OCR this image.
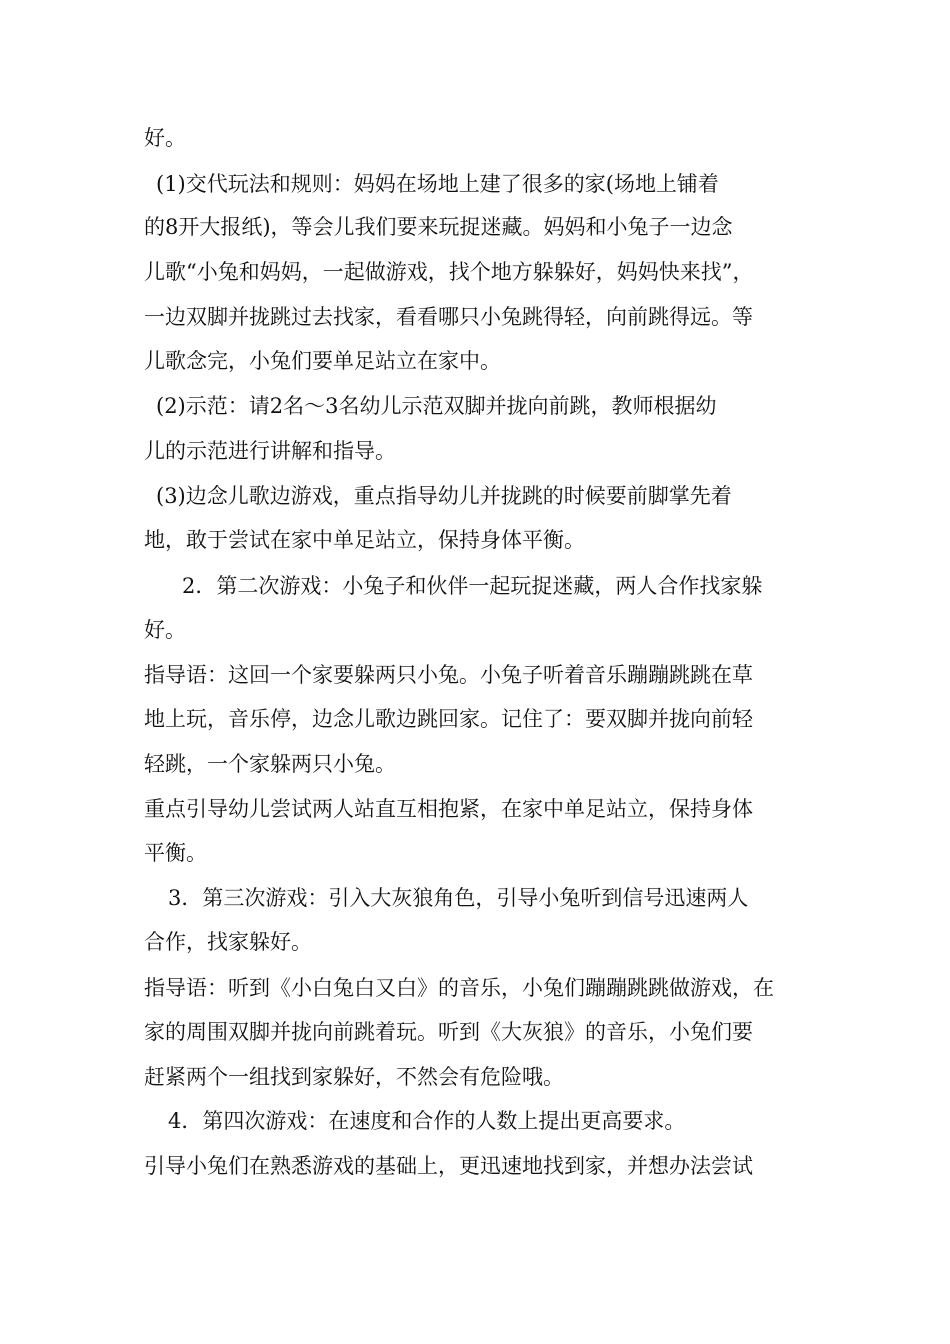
好。
(1)交代玩法和规则：妈妈在场地上建了很多的家(场地上铺着
的8开大报纸)，等会儿我们要来玩捉迷藏。妈妈和小兔子一边念
儿歌“小兔和妈妈，一起做游戏，找个地方躲躲好，妈妈快来找”，
一边双脚并拢跳过去找家，看看哪只小兔跳得轻，向前跳得远。等
儿歌念完，小兔们要单足站立在家中。
(2)示范：请2名～3名幼儿示范双脚并拢向前跳，教师根据幼
儿的示范进行讲解和指导。
(3)边念儿歌边游戏，重点指导幼儿并拢跳的时候要前脚掌先着
地，敢于尝试在家中单足站立，保持身体平衡。
2．第二次游戏：小兔子和伙伴一起玩捉迷藏，两人合作找家躲
好。
指导语：这回一个家要躲两只小兔。小兔子听着音乐蹦蹦跳跳在草
地上玩，音乐停，边念儿歌边跳回家。记住了：要双脚并拢向前轻
轻跳，一个家躲两只小兔。
重点引导幼儿尝试两人站直互相抱紧，在家中单足站立，保持身体
平衡。
3．第三次游戏：引入大灰狼角色，引导小兔听到信号迅速两人
合作，找家躲好。
指导语：听到《小白兔白又白》的音乐，小兔们蹦蹦跳跳做游戏，在
家的周围双脚并拢向前跳着玩。听到《大灰狼》的音乐，小兔们要
赶紧两个一组找到家躲好，不然会有危险哦。
4．第四次游戏：在速度和合作的人数上提出更高要求。
引导小兔们在熟悉游戏的基础上，更迅速地找到家，并想办法尝试
